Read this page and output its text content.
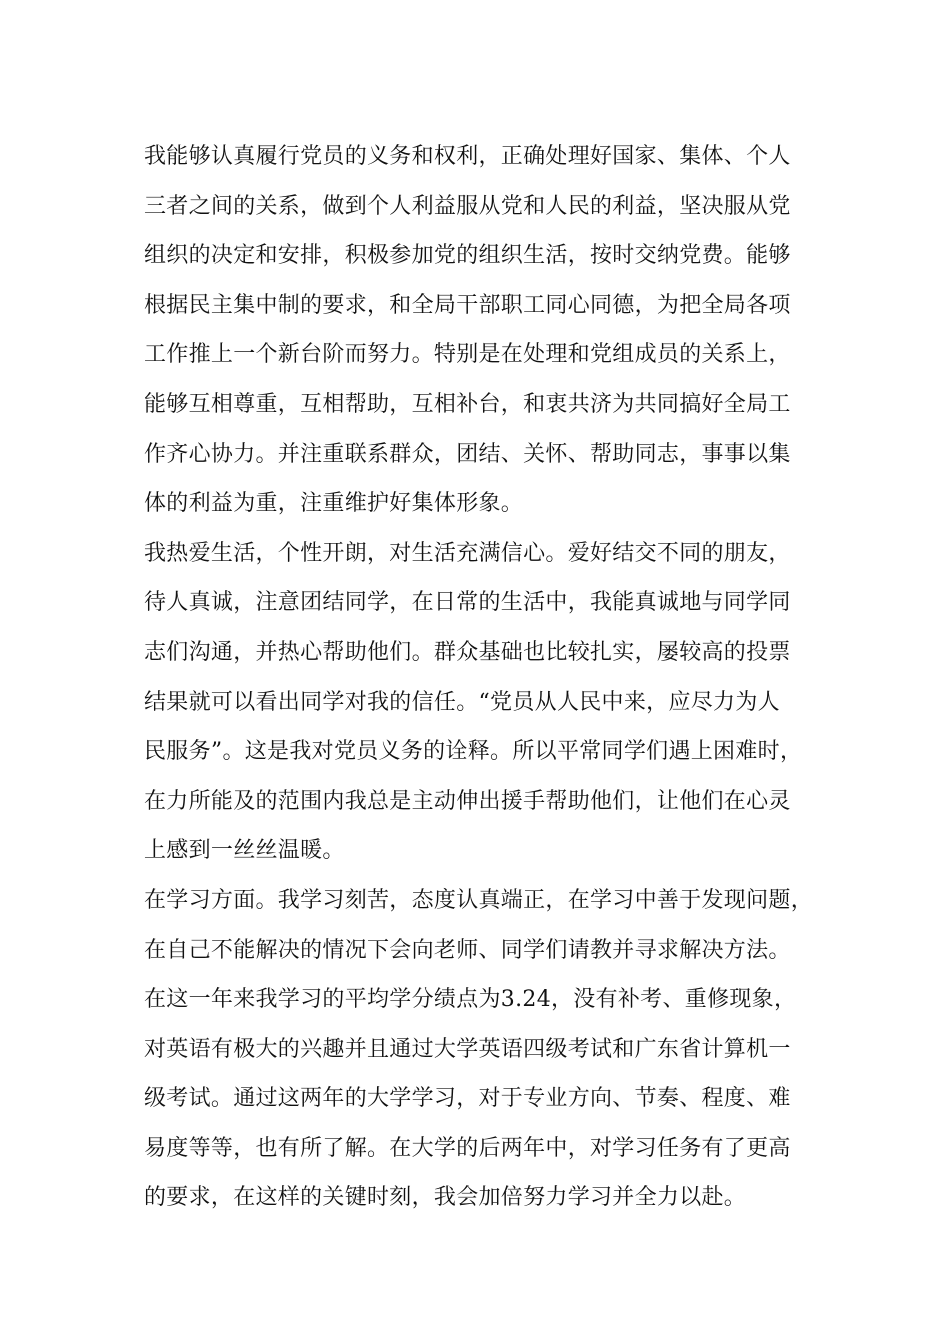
我能够认真履行党员的义务和权利，正确处理好国家、集体、个人
三者之间的关系，做到个人利益服从党和人民的利益，坚决服从党
组织的决定和安排，积极参加党的组织生活，按时交纳党费。能够
根据民主集中制的要求，和全局干部职工同心同德，为把全局各项
工作推上一个新台阶而努力。特别是在处理和党组成员的关系上，
能够互相尊重，互相帮助，互相补台，和衷共济为共同搞好全局工
作齐心协力。并注重联系群众，团结、关怀、帮助同志，事事以集
体的利益为重，注重维护好集体形象。
我热爱生活，个性开朗，对生活充满信心。爱好结交不同的朋友，
待人真诚，注意团结同学，在日常的生活中，我能真诚地与同学同
志们沟通，并热心帮助他们。群众基础也比较扎实，屡较高的投票
结果就可以看出同学对我的信任。“党员从人民中来，应尽力为人
民服务”。这是我对党员义务的诠释。所以平常同学们遇上困难时，
在力所能及的范围内我总是主动伸出援手帮助他们，让他们在心灵
上感到一丝丝温暖。
在学习方面。我学习刻苦，态度认真端正，在学习中善于发现问题，
在自己不能解决的情况下会向老师、同学们请教并寻求解决方法。
在这一年来我学习的平均学分绩点为3.24，没有补考、重修现象，
对英语有极大的兴趣并且通过大学英语四级考试和广东省计算机一
级考试。通过这两年的大学学习，对于专业方向、节奏、程度、难
易度等等，也有所了解。在大学的后两年中，对学习任务有了更高
的要求，在这样的关键时刻，我会加倍努力学习并全力以赴。
